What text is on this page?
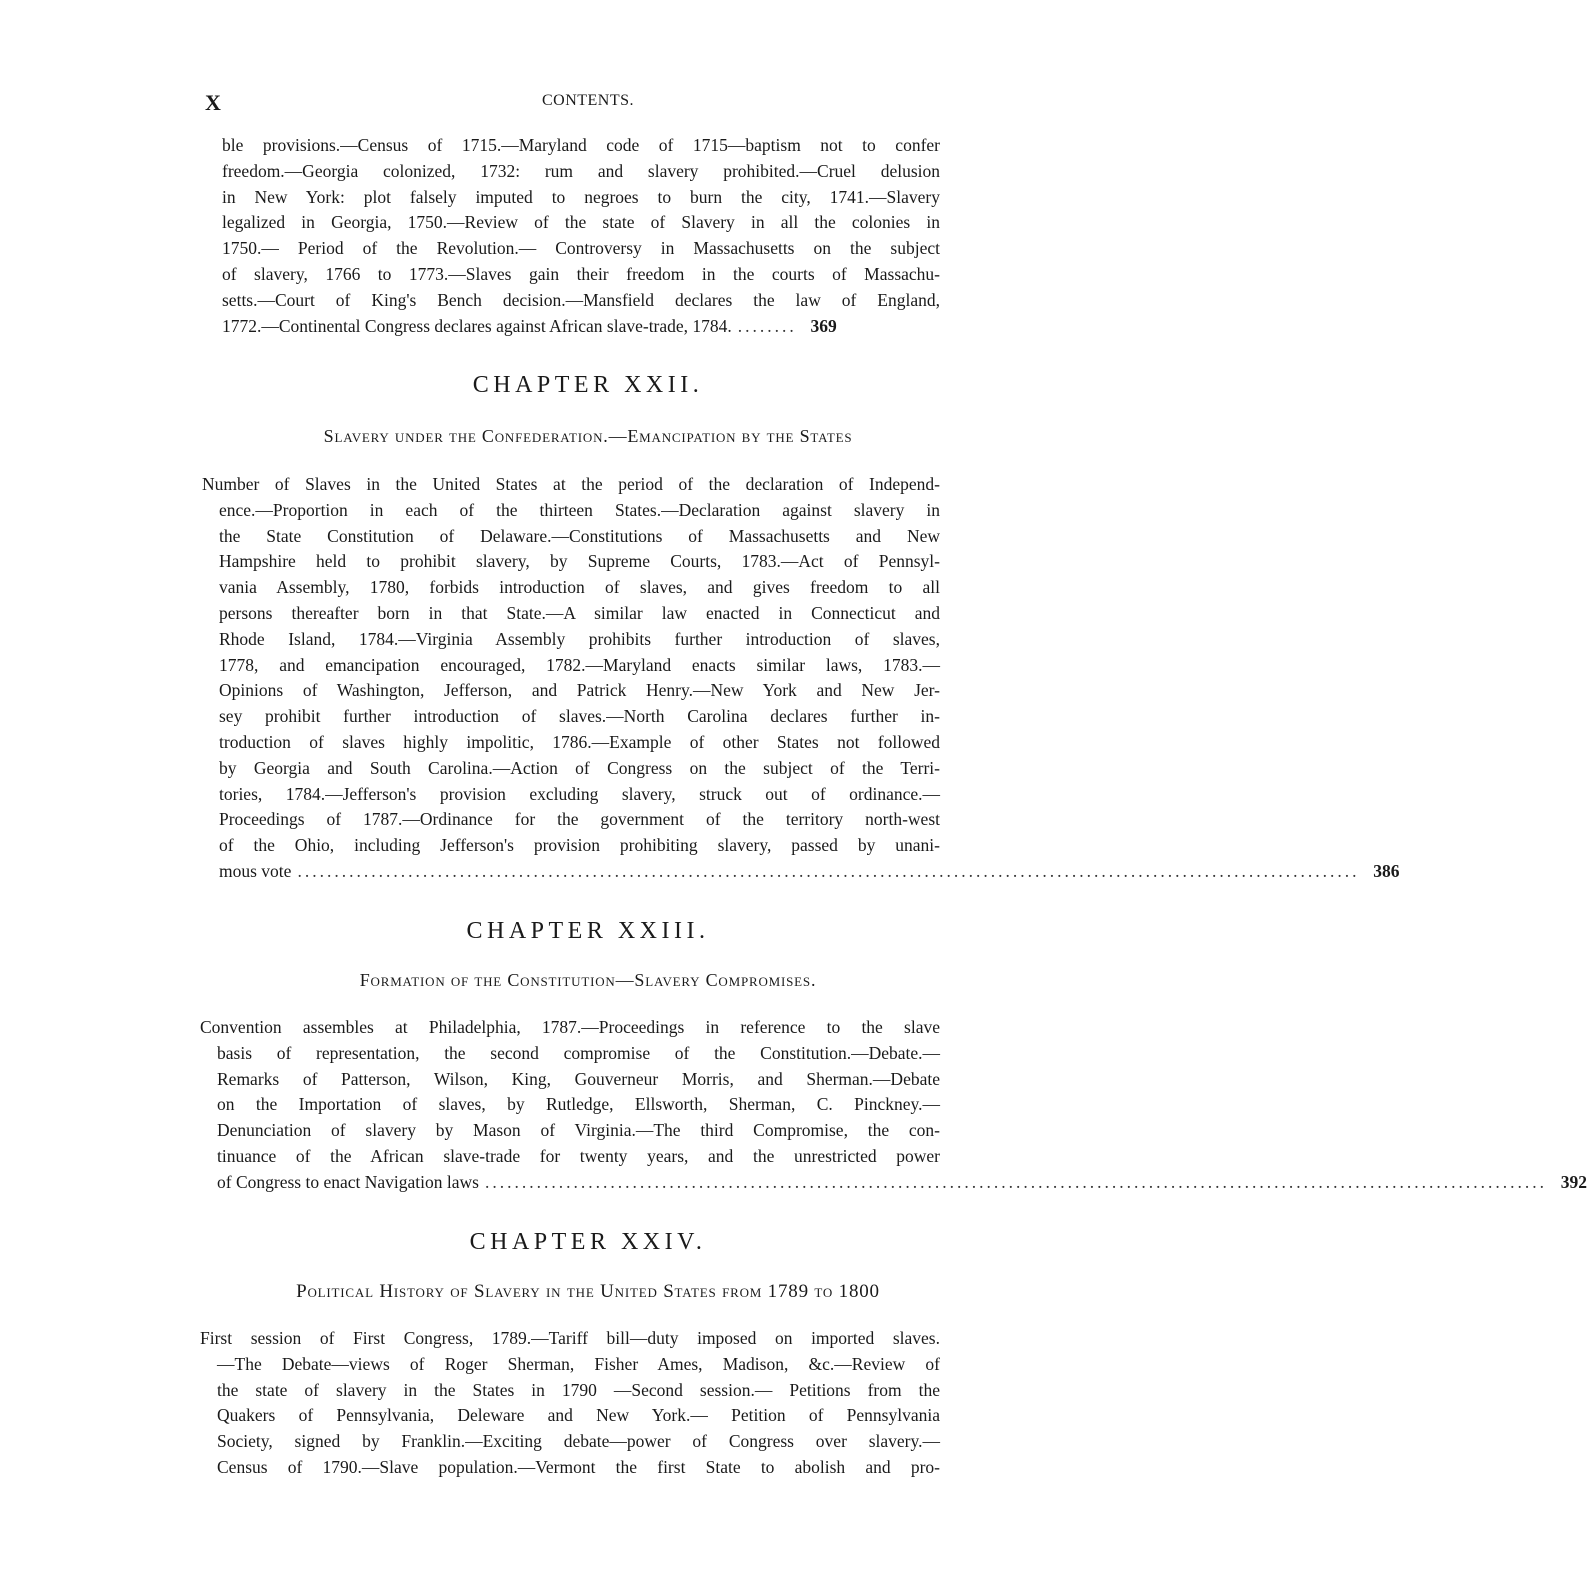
X	CONTENTS.
ble provisions.—Census of 1715.—Maryland code of 1715—baptism not to confer
freedom.—Georgia colonized, 1732: rum and slavery prohibited.—Cruel delusion
in New York: plot falsely imputed to negroes to burn the city, 1741.—Slavery
legalized in Georgia, 1750.—Review of the state of Slavery in all the colonies in
1750.— Period of the Revolution.— Controversy in Massachusetts on the subject
of slavery, 1766 to 1773.—Slaves gain their freedom in the courts of Massachu-
setts.—Court of King's Bench decision.—Mansfield declares the law of England,
1772.—Continental Congress declares against African slave-trade, 1784. ........ 369
CHAPTER XXII.
Slavery under the Confederation.—Emancipation by the States
Number of Slaves in the United States at the period of the declaration of Independ-
ence.—Proportion in each of the thirteen States.—Declaration against slavery in
the State Constitution of Delaware.—Constitutions of Massachusetts and New
Hampshire held to prohibit slavery, by Supreme Courts, 1783.—Act of Pennsyl-
vania Assembly, 1780, forbids introduction of slaves, and gives freedom to all
persons thereafter born in that State.—A similar law enacted in Connecticut and
Rhode Island, 1784.—Virginia Assembly prohibits further introduction of slaves,
1778, and emancipation encouraged, 1782.—Maryland enacts similar laws, 1783.—
Opinions of Washington, Jefferson, and Patrick Henry.—New York and New Jer-
sey prohibit further introduction of slaves.—North Carolina declares further in-
troduction of slaves highly impolitic, 1786.—Example of other States not followed
by Georgia and South Carolina.—Action of Congress on the subject of the Terri-
tories, 1784.—Jefferson's provision excluding slavery, struck out of ordinance.—
Proceedings of 1787.—Ordinance for the government of the territory north-west
of the Ohio, including Jefferson's provision prohibiting slavery, passed by unani-
mous vote ................................................................................................................................................ 386
CHAPTER XXIII.
Formation of the Constitution—Slavery Compromises.
Convention assembles at Philadelphia, 1787.—Proceedings in reference to the slave
basis of representation, the second compromise of the Constitution.—Debate.—
Remarks of Patterson, Wilson, King, Gouverneur Morris, and Sherman.—Debate
on the Importation of slaves, by Rutledge, Ellsworth, Sherman, C. Pinckney.—
Denunciation of slavery by Mason of Virginia.—The third Compromise, the con-
tinuance of the African slave-trade for twenty years, and the unrestricted power
of Congress to enact Navigation laws ................................................................................................................................................ 392
CHAPTER XXIV.
Political History of Slavery in the United States from 1789 to 1800
First session of First Congress, 1789.—Tariff bill—duty imposed on imported slaves.
—The Debate—views of Roger Sherman, Fisher Ames, Madison, &c.—Review of
the state of slavery in the States in 1790 —Second session.— Petitions from the
Quakers of Pennsylvania, Deleware and New York.— Petition of Pennsylvania
Society, signed by Franklin.—Exciting debate—power of Congress over slavery.—
Census of 1790.—Slave population.—Vermont the first State to abolish and pro-
